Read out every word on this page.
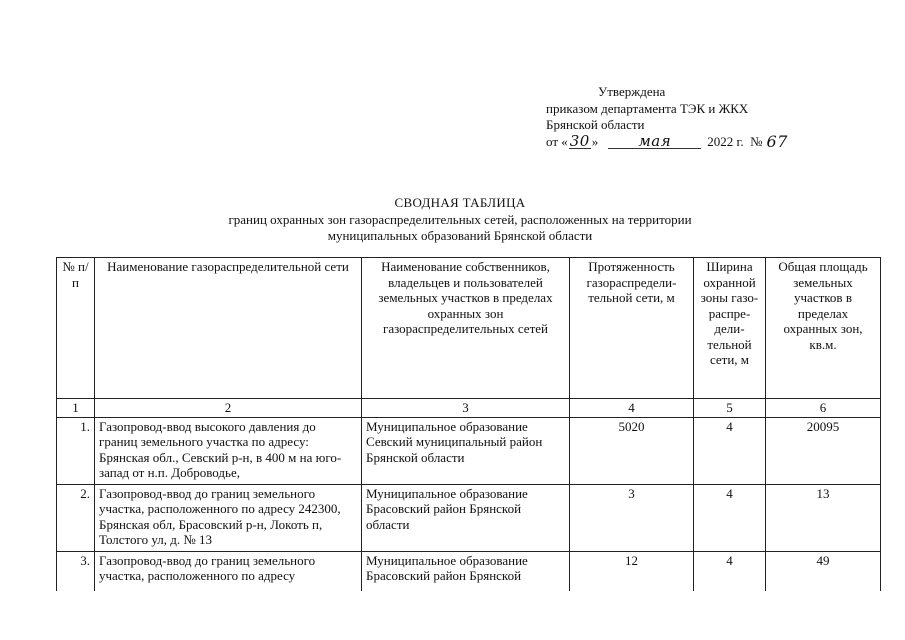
Утверждена
приказом департамента ТЭК и ЖКХ
Брянской области
от « 30 »	мая	2022 г.
№ 67
СВОДНАЯ ТАБЛИЦА
границ охранных зон газораспределительных сетей, расположенных на территории
муниципальных образований Брянской области
№ п/п	Наименование газораспределительной сети	Наименование собственников, владельцев и пользователей земельных участков в пределах охранных зон газораспределительных сетей	Протяженность газораспредели-тельной сети, м	Ширина охранной зоны газо-распре-дели-тельной сети, м	Общая площадь земельных участков в пределах охранных зон, кв.м.
1	2	3	4	5	6
1.	Газопровод-ввод высокого давления до границ земельного участка по адресу: Брянская обл., Севский р-н, в 400 м на юго-запад от н.п. Доброводье,	Муниципальное образование Севский муниципальный район Брянской области	5020	4	20095
2.	Газопровод-ввод до границ земельного участка, расположенного по адресу 242300, Брянская обл, Брасовский р-н, Локоть п, Толстого ул, д. № 13	Муниципальное образование Брасовский район Брянской области	3	4	13
3.	Газопровод-ввод до границ земельного участка, расположенного по адресу	Муниципальное образование Брасовский район Брянской	12	4	49
